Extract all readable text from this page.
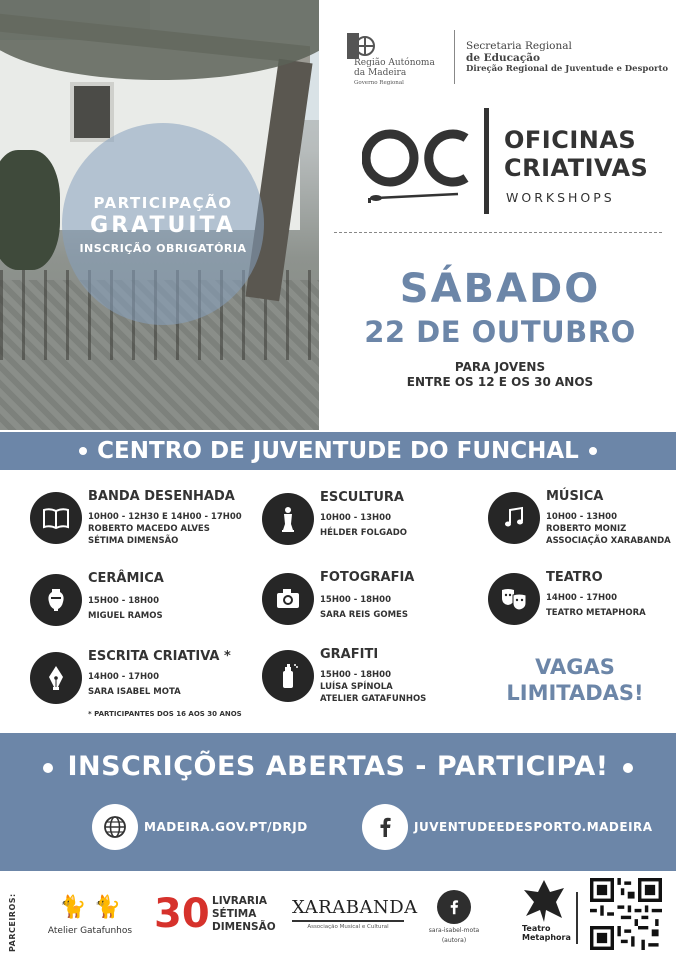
PARTICIPAÇÃO
GRATUITA
INSCRIÇÃO OBRIGATÓRIA
Região Autónoma
da Madeira
Governo Regional
Secretaria Regional
de Educação
Direção Regional de Juventude e Desporto
OFICINAS
CRIATIVAS
WORKSHOPS
SÁBADO
22 DE OUTUBRO
PARA JOVENS
ENTRE OS 12 E OS 30 ANOS
CENTRO DE JUVENTUDE DO FUNCHAL
BANDA DESENHADA
10H00 - 12H30 E 14H00 - 17H00
ROBERTO MACEDO ALVES
SÉTIMA DIMENSÃO
ESCULTURA
10H00 - 13H00
HÉLDER FOLGADO
MÚSICA
10H00 - 13H00
ROBERTO MONIZ
ASSOCIAÇÃO XARABANDA
CERÂMICA
15H00 - 18H00
MIGUEL RAMOS
FOTOGRAFIA
15H00 - 18H00
SARA REIS GOMES
TEATRO
14H00 - 17H00
TEATRO METAPHORA
ESCRITA CRIATIVA *
14H00 - 17H00
SARA ISABEL MOTA
* PARTICIPANTES DOS 16 AOS 30 ANOS
GRAFITI
15H00 - 18H00
LUÍSA SPÍNOLA
ATELIER GATAFUNHOS
VAGAS
LIMITADAS!
INSCRIÇÕES ABERTAS - PARTICIPA!
MADEIRA.GOV.PT/DRJD	JUVENTUDEEDESPORTO.MADEIRA
PARCEIROS:	🐈 🐈
Atelier Gatafunhos 30 LIVRARIA
SÉTIMA
DIMENSÃO
XARABANDA
Associação Musical e Cultural	sara-isabel-mota
(autora)
Teatro
Metaphora
